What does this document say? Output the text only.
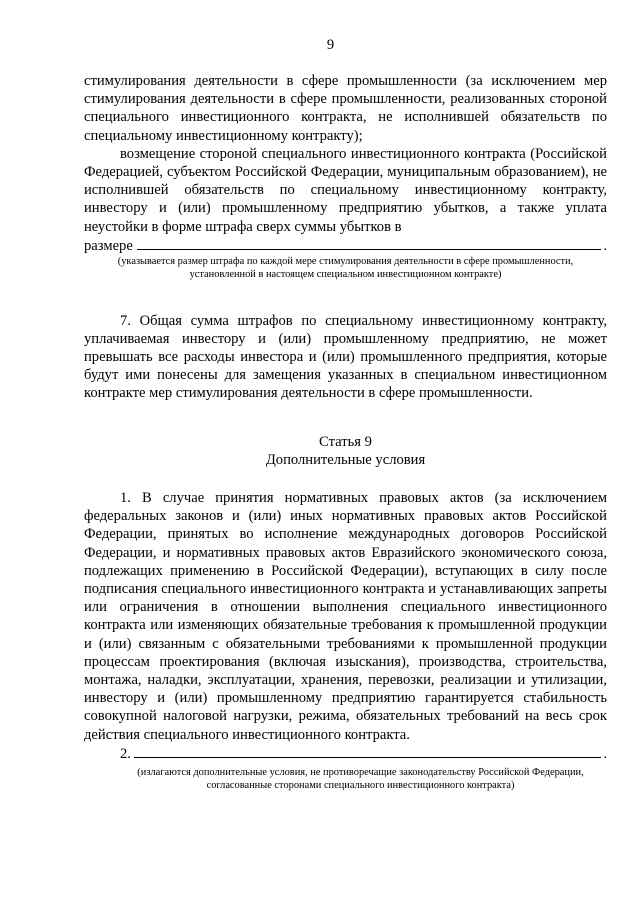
9

стимулирования деятельности в сфере промышленности (за исключением мер стимулирования деятельности в сфере промышленности, реализованных стороной специального инвестиционного контракта, не исполнившей обязательств по специальному инвестиционному контракту);

возмещение стороной специального инвестиционного контракта (Российской Федерацией, субъектом Российской Федерации, муниципальным образованием), не исполнившей обязательств по специальному инвестиционному контракту, инвестору и (или) промышленному предприятию убытков, а также уплата неустойки в форме штрафа сверх суммы убытков в

размере	.
(указывается размер штрафа по каждой мере стимулирования деятельности в сфере промышленности, установленной в настоящем специальном инвестиционном контракте)

7. Общая сумма штрафов по специальному инвестиционному контракту, уплачиваемая инвестору и (или) промышленному предприятию, не может превышать все расходы инвестора и (или) промышленного предприятия, которые будут ими понесены для замещения указанных в специальном инвестиционном контракте мер стимулирования деятельности в сфере промышленности.

Статья 9
Дополнительные условия

1. В случае принятия нормативных правовых актов (за исключением федеральных законов и (или) иных нормативных правовых актов Российской Федерации, принятых во исполнение международных договоров Российской Федерации, и нормативных правовых актов Евразийского экономического союза, подлежащих применению в Российской Федерации), вступающих в силу после подписания специального инвестиционного контракта и устанавливающих запреты или ограничения в отношении выполнения специального инвестиционного контракта или изменяющих обязательные требования к промышленной продукции и (или) связанным с обязательными требованиями к промышленной продукции процессам проектирования (включая изыскания), производства, строительства, монтажа, наладки, эксплуатации, хранения, перевозки, реализации и утилизации, инвестору и (или) промышленному предприятию гарантируется стабильность совокупной налоговой нагрузки, режима, обязательных требований на весь срок действия специального инвестиционного контракта.

2.	.
(излагаются дополнительные условия, не противоречащие законодательству Российской Федерации, согласованные сторонами специального инвестиционного контракта)
